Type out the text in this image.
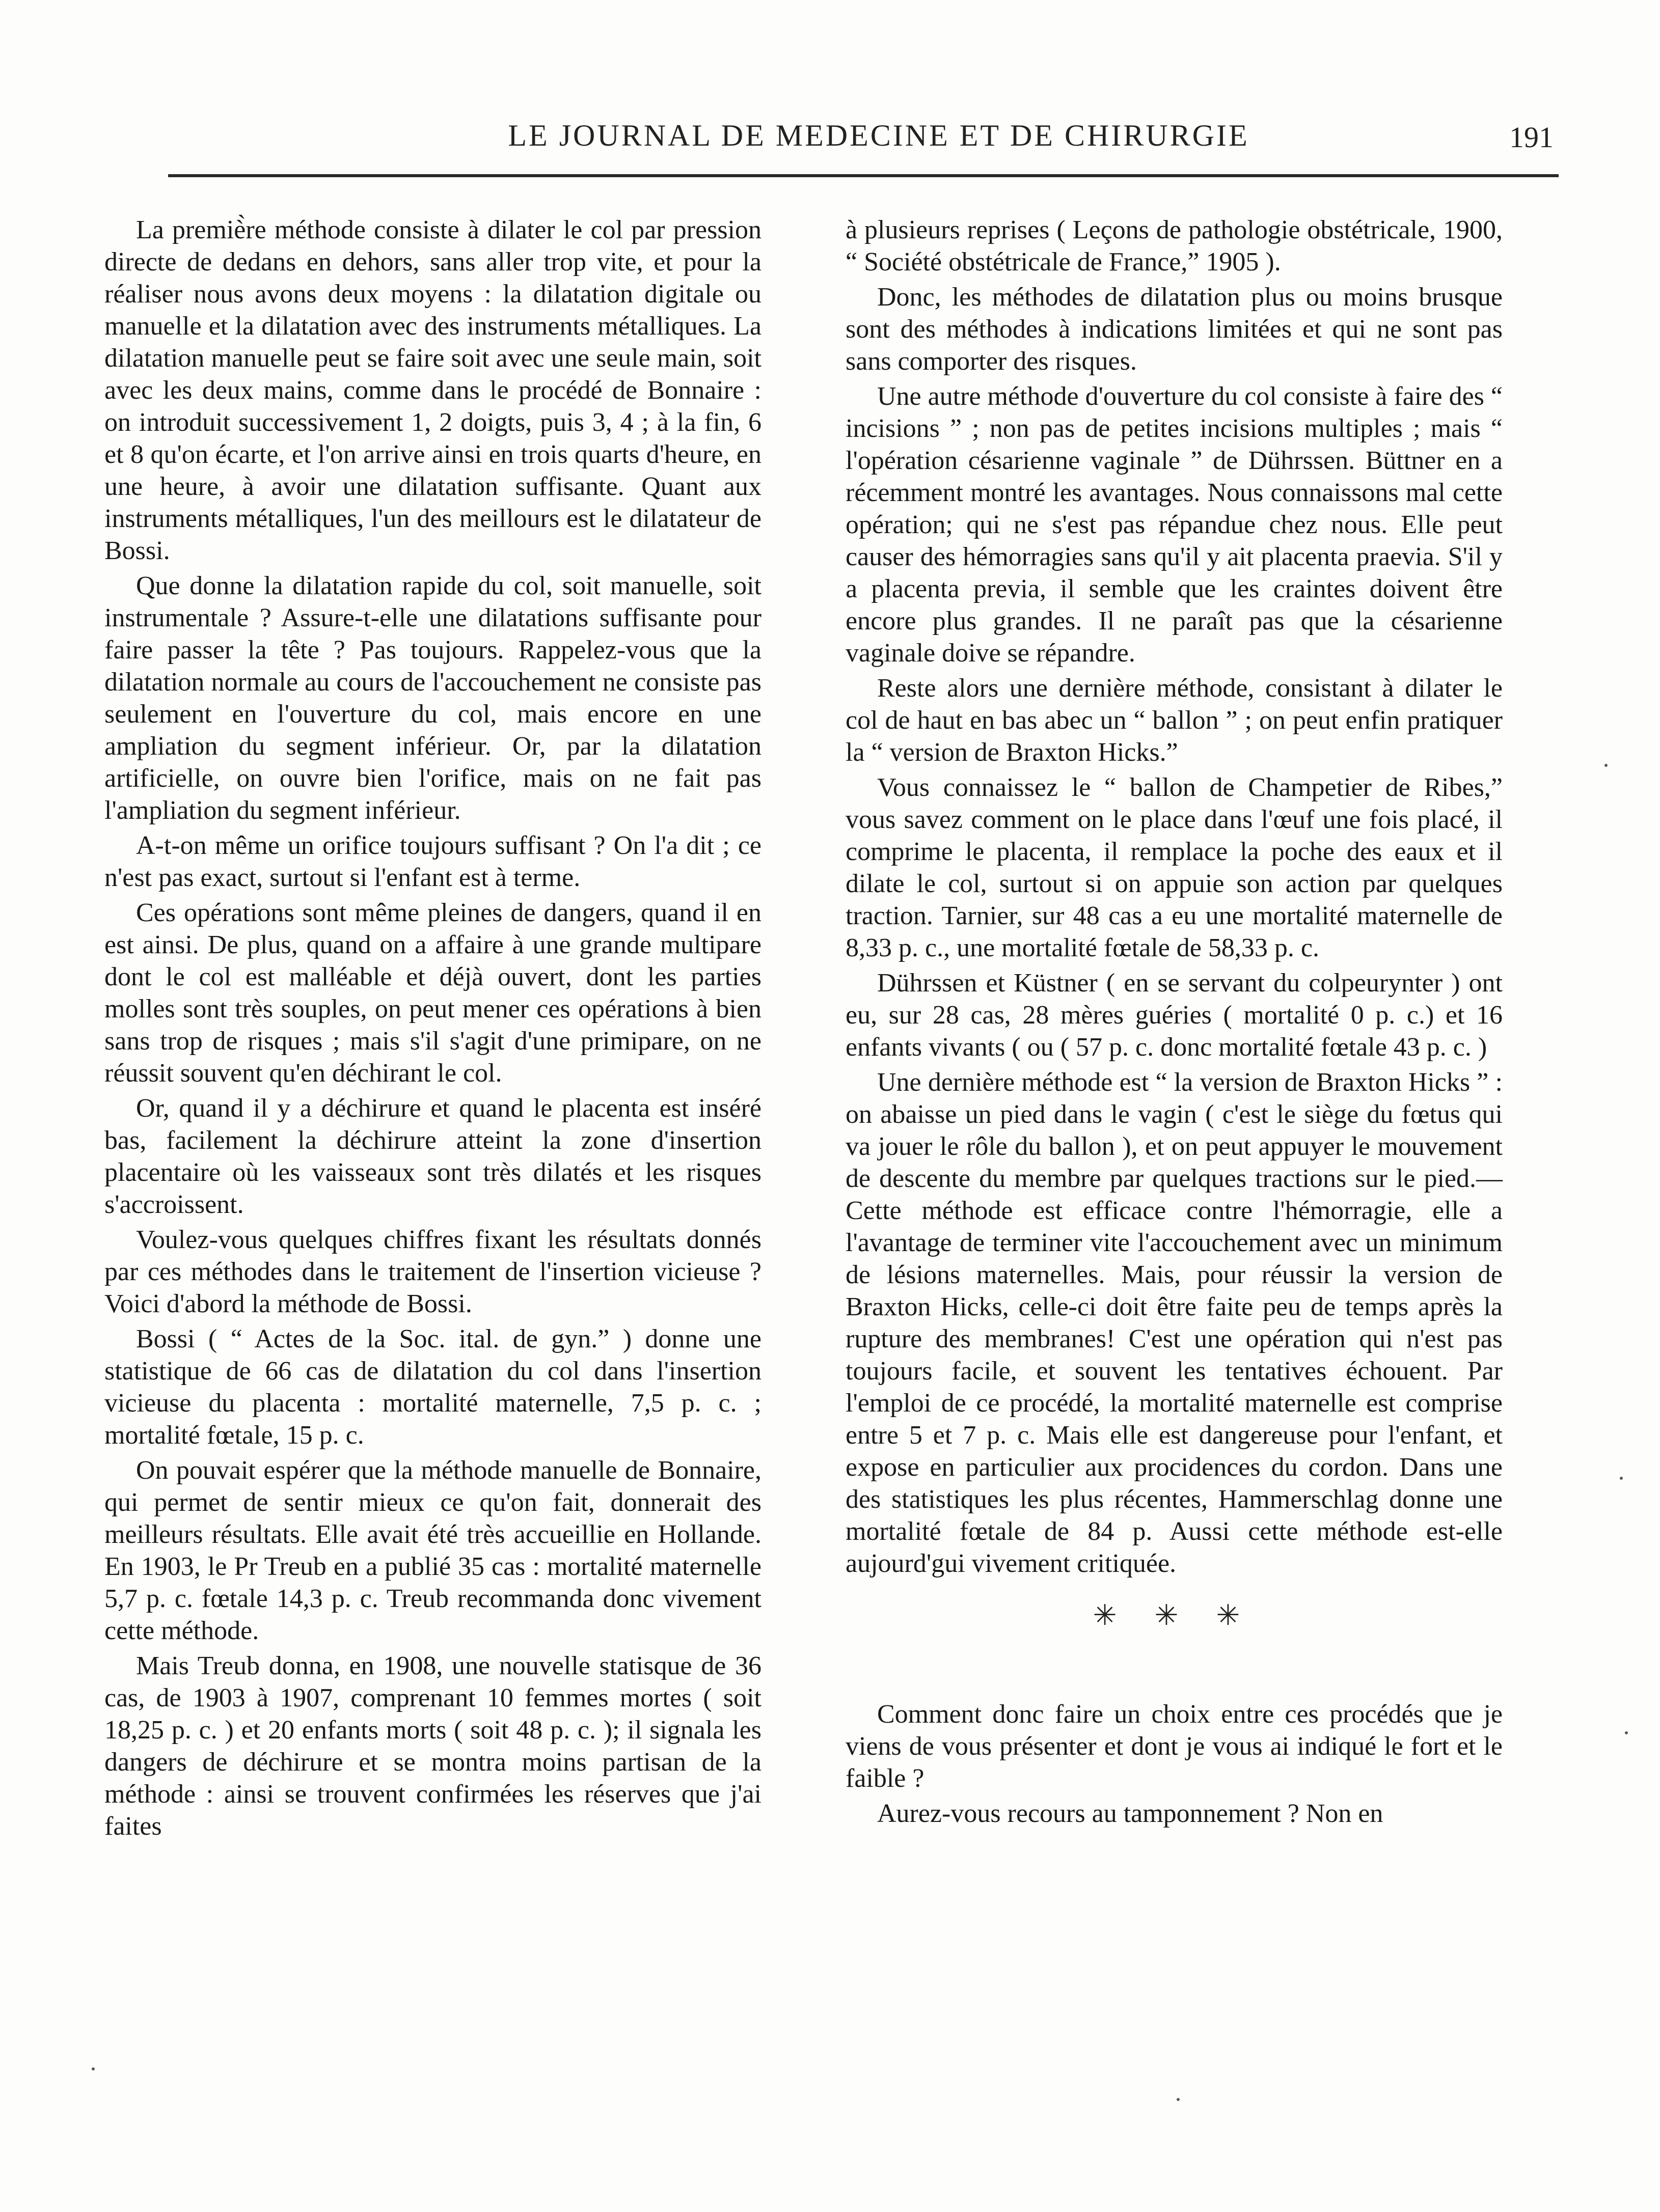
LE JOURNAL DE MEDECINE ET DE CHIRURGIE	191

La premiè̀re méthode consiste à dilater le col par pression directe de dedans en dehors, sans aller trop vite, et pour la réaliser nous avons deux moyens : la dilatation digitale ou manuelle et la dilatation avec des instruments métalliques. La dilatation manuelle peut se faire soit avec une seule main, soit avec les deux mains, comme dans le procédé de Bonnaire : on introduit successivement 1, 2 doigts, puis 3, 4 ; à la fin, 6 et 8 qu'on écarte, et l'on arrive ainsi en trois quarts d'heure, en une heure, à avoir une dilatation suffisante. Quant aux instruments métalliques, l'un des meillours est le dilatateur de Bossi.

Que donne la dilatation rapide du col, soit manuelle, soit instrumentale ? Assure-t-elle une dilatations suffisante pour faire passer la tête ? Pas toujours. Rappelez-vous que la dilatation normale au cours de l'accouchement ne consiste pas seulement en l'ouverture du col, mais encore en une ampliation du segment inférieur. Or, par la dilatation artificielle, on ouvre bien l'orifice, mais on ne fait pas l'ampliation du segment inférieur.

A-t-on même un orifice toujours suffisant ? On l'a dit ; ce n'est pas exact, surtout si l'enfant est à terme.

Ces opérations sont même pleines de dangers, quand il en est ainsi. De plus, quand on a affaire à une grande multipare dont le col est malléable et déjà ouvert, dont les parties molles sont très souples, on peut mener ces opérations à bien sans trop de risques ; mais s'il s'agit d'une primipare, on ne réussit souvent qu'en déchirant le col.

Or, quand il y a déchirure et quand le placenta est inséré bas, facilement la déchirure atteint la zone d'insertion placentaire où les vaisseaux sont très dilatés et les risques s'accroissent.

Voulez-vous quelques chiffres fixant les résultats donnés par ces méthodes dans le traitement de l'insertion vicieuse ? Voici d'abord la méthode de Bossi.

Bossi ( “ Actes de la Soc. ital. de gyn.” ) donne une statistique de 66 cas de dilatation du col dans l'insertion vicieuse du placenta : mortalité maternelle, 7,5 p. c. ; mortalité fœtale, 15 p. c.

On pouvait espérer que la méthode manuelle de Bonnaire, qui permet de sentir mieux ce qu'on fait, donnerait des meilleurs résultats. Elle avait été très accueillie en Hollande. En 1903, le Pr Treub en a publié 35 cas : mortalité maternelle 5,7 p. c. fœtale 14,3 p. c. Treub recommanda donc vivement cette méthode.

Mais Treub donna, en 1908, une nouvelle statisque de 36 cas, de 1903 à 1907, comprenant 10 femmes mortes ( soit 18,25 p. c. ) et 20 enfants morts ( soit 48 p. c. ); il signala les dangers de déchirure et se montra moins partisan de la méthode : ainsi se trouvent confirmées les réserves que j'ai faites

à plusieurs reprises ( Leçons de pathologie obstétricale, 1900, “ Société obstétricale de France,” 1905 ).

Donc, les méthodes de dilatation plus ou moins brusque sont des méthodes à indications limitées et qui ne sont pas sans comporter des risques.

Une autre méthode d'ouverture du col consiste à faire des “ incisions ” ; non pas de petites incisions multiples ; mais “ l'opération césarienne vaginale ” de Dührssen. Büttner en a récemment montré les avantages. Nous connaissons mal cette opération; qui ne s'est pas répandue chez nous. Elle peut causer des hémorragies sans qu'il y ait placenta praevia. S'il y a placenta previa, il semble que les craintes doivent être encore plus grandes. Il ne paraît pas que la césarienne vaginale doive se répandre.

Reste alors une dernière méthode, consistant à dilater le col de haut en bas abec un “ ballon ” ; on peut enfin pratiquer la “ version de Braxton Hicks.”

Vous connaissez le “ ballon de Champetier de Ribes,” vous savez comment on le place dans l'œuf une fois placé, il comprime le placenta, il remplace la poche des eaux et il dilate le col, surtout si on appuie son action par quelques traction. Tarnier, sur 48 cas a eu une mortalité maternelle de 8,33 p. c., une mortalité fœtale de 58,33 p. c.

Dührssen et Küstner ( en se servant du colpeurynter ) ont eu, sur 28 cas, 28 mères guéries ( mortalité 0 p. c.) et 16 enfants vivants ( ou ( 57 p. c. donc mortalité fœtale 43 p. c. )

Une dernière méthode est “ la version de Braxton Hicks ” : on abaisse un pied dans le vagin ( c'est le siège du fœtus qui va jouer le rôle du ballon ), et on peut appuyer le mouvement de descente du membre par quelques tractions sur le pied.— Cette méthode est efficace contre l'hémorragie, elle a l'avantage de terminer vite l'accouchement avec un minimum de lésions maternelles. Mais, pour réussir la version de Braxton Hicks, celle-ci doit être faite peu de temps après la rupture des membranes! C'est une opération qui n'est pas toujours facile, et souvent les tentatives échouent. Par l'emploi de ce procédé, la mortalité maternelle est comprise entre 5 et 7 p. c. Mais elle est dangereuse pour l'enfant, et expose en particulier aux procidences du cordon. Dans une des statistiques les plus récentes, Hammerschlag donne une mortalité fœtale de 84 p. Aussi cette méthode est-elle aujourd'gui vivement critiquée.

✳ ✳ ✳

Comment donc faire un choix entre ces procédés que je viens de vous présenter et dont je vous ai indiqué le fort et le faible ?

Aurez-vous recours au tamponnement ? Non en
